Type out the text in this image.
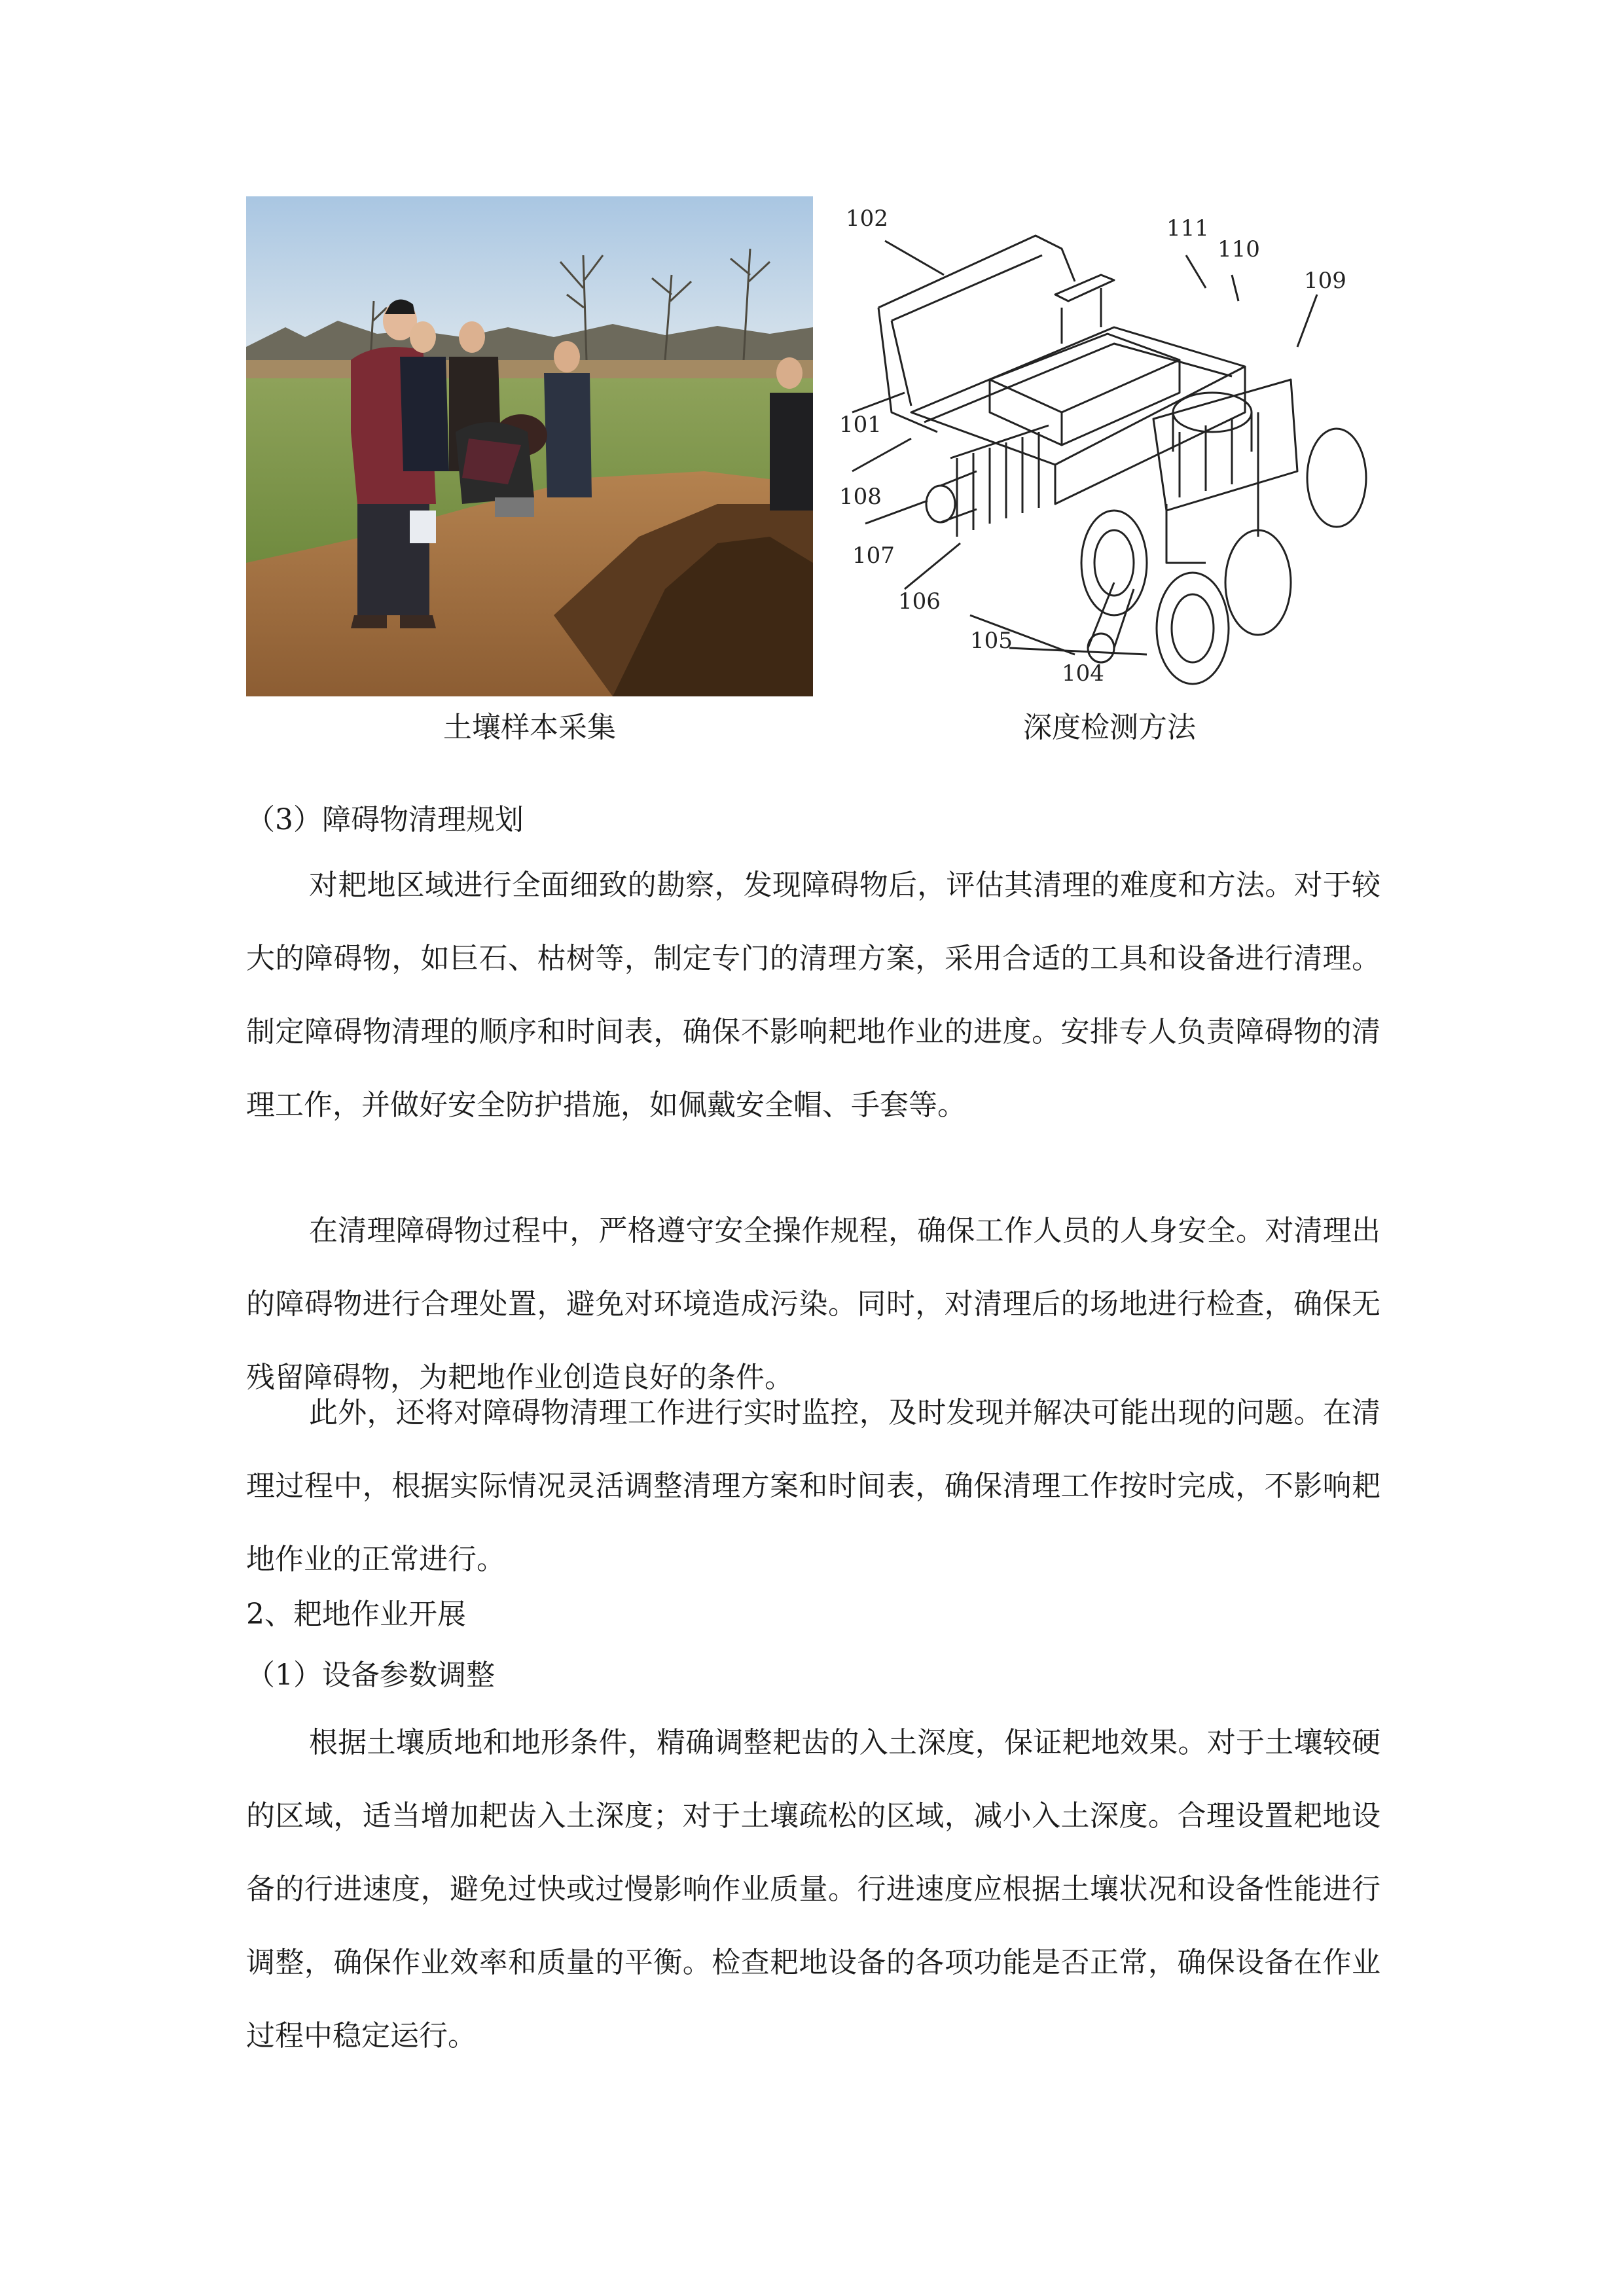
102	111
110
109
101
108
107
106
105
104
土壤样本采集	深度检测方法
（3）障碍物清理规划
对耙地区域进行全面细致的勘察，发现障碍物后，评估其清理的难度和方法。对于较大的障碍物，如巨石、枯树等，制定专门的清理方案，采用合适的工具和设备进行清理。制定障碍物清理的顺序和时间表，确保不影响耙地作业的进度。安排专人负责障碍物的清理工作，并做好安全防护措施，如佩戴安全帽、手套等。
在清理障碍物过程中，严格遵守安全操作规程，确保工作人员的人身安全。对清理出的障碍物进行合理处置，避免对环境造成污染。同时，对清理后的场地进行检查，确保无残留障碍物，为耙地作业创造良好的条件。
此外，还将对障碍物清理工作进行实时监控，及时发现并解决可能出现的问题。在清理过程中，根据实际情况灵活调整清理方案和时间表，确保清理工作按时完成，不影响耙地作业的正常进行。
2、耙地作业开展
（1）设备参数调整
根据土壤质地和地形条件，精确调整耙齿的入土深度，保证耙地效果。对于土壤较硬的区域，适当增加耙齿入土深度；对于土壤疏松的区域，减小入土深度。合理设置耙地设备的行进速度，避免过快或过慢影响作业质量。行进速度应根据土壤状况和设备性能进行调整，确保作业效率和质量的平衡。检查耙地设备的各项功能是否正常，确保设备在作业过程中稳定运行。
